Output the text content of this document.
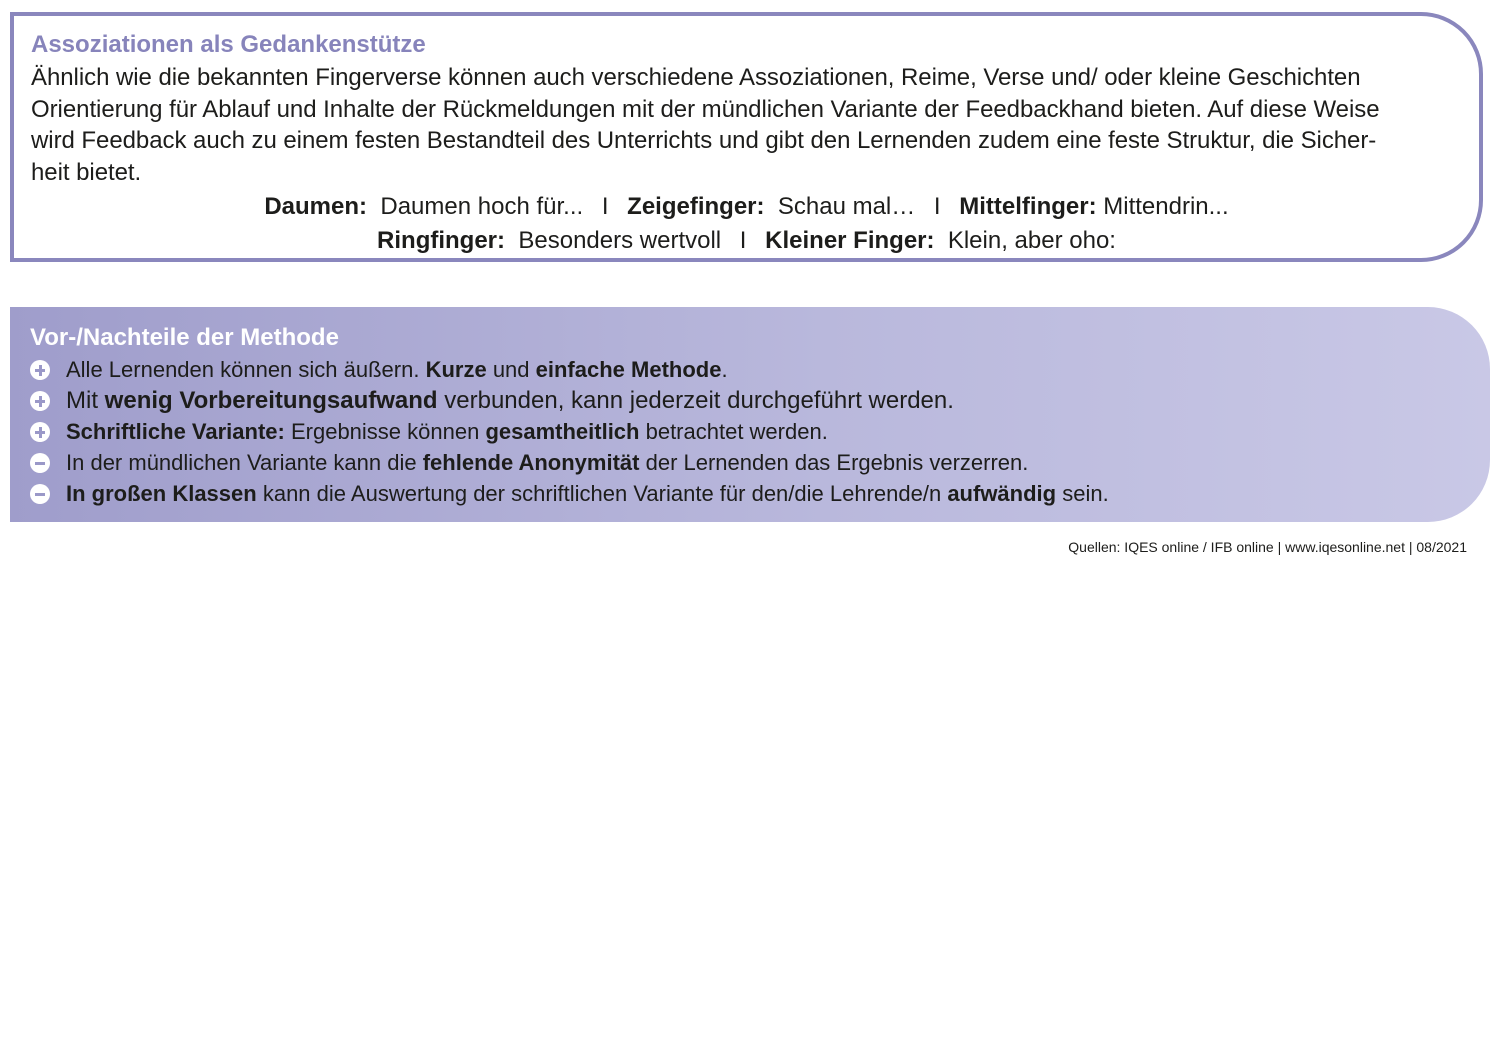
Assoziationen als Gedankenstütze

Ähnlich wie die bekannten Fingerverse können auch verschiedene Assoziationen, Reime, Verse und/ oder kleine Geschichten
Orientierung für Ablauf und Inhalte der Rückmeldungen mit der mündlichen Variante der Feedbackhand bieten. Auf diese Weise
wird Feedback auch zu einem festen Bestandteil des Unterrichts und gibt den Lernenden zudem eine feste Struktur, die Sicher-
heit bietet.

Daumen: Daumen hoch für... I Zeigefinger: Schau mal… I Mittelfinger: Mittendrin...

Ringfinger: Besonders wertvoll I Kleiner Finger: Klein, aber oho:

Vor-/Nachteile der Methode
Alle Lernenden können sich äußern. Kurze und einfache Methode.
Mit wenig Vorbereitungsaufwand verbunden, kann jederzeit durchgeführt werden.
Schriftliche Variante: Ergebnisse können gesamtheitlich betrachtet werden.
In der mündlichen Variante kann die fehlende Anonymität der Lernenden das Ergebnis verzerren.
In großen Klassen kann die Auswertung der schriftlichen Variante für den/die Lehrende/n aufwändig sein.
Quellen: IQES online / IFB online | www.iqesonline.net | 08/2021
